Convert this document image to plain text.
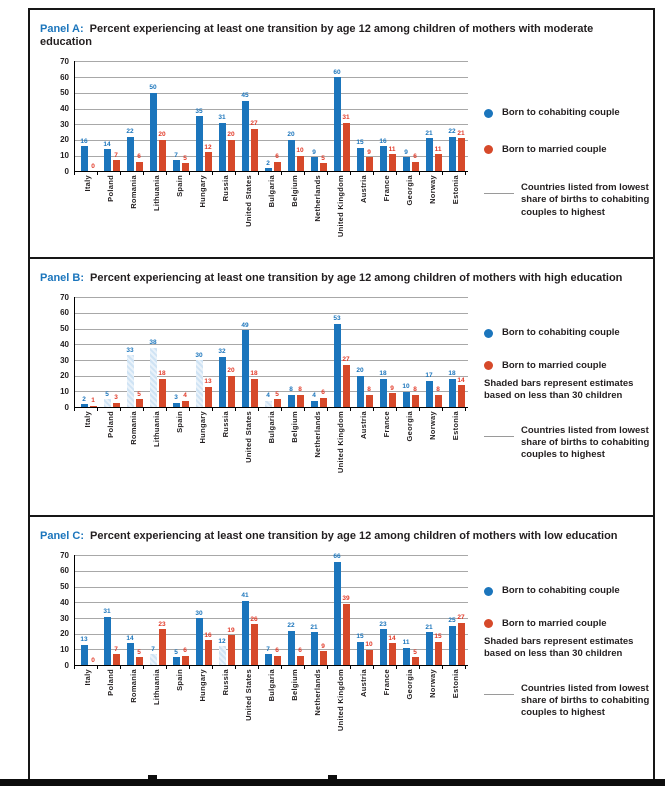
Panel A: Percent experiencing at least one transition by age 12 among children of mothers with moderate education
0
10
20
30
40
50
60
70
16
0
14
7
22
6
50
20
7 5
35
12
31
20
45
27
2
6
20
10 9
5
60
31
15
9
16
11 9
6
21
11
22 21
Italy Poland Romania Lithuania Spain Hungary Russia United States Bulgaria Belgium Netherlands United Kingdom Austria France Georgia Norway Estonia
Born to cohabiting couple
Born to married couple
Countries listed from lowest share of births to cohabiting couples to highest
Panel B: Percent experiencing at least one transition by age 12 among children of mothers with high education
0
10
20
30
40
50
60
70
2 1
5 3
33
5
38
18
3 4
30
13
32
20
49
18
4 5
8 8
4 6
53
27
20
8
18
9 10 8
17
8
18
14
Italy Poland Romania Lithuania Spain Hungary Russia United States Bulgaria Belgium Netherlands United Kingdom Austria France Georgia Norway Estonia
Born to cohabiting couple
Born to married couple
Shaded bars represent estimates based on less than 30 children
Countries listed from lowest share of births to cohabiting couples to highest
Panel C: Percent experiencing at least one transition by age 12 among children of mothers with low education
0
10
20
30
40
50
60
70
13
0
31
7
14
5 7
23
5 6
30
16
12
19
41
26
7 6
22
6
21
9
66
39
15
10
23
14
11
5
21
15
25 27
Italy Poland Romania Lithuania Spain Hungary Russia United States Bulgaria Belgium Netherlands United Kingdom Austria France Georgia Norway Estonia
Born to cohabiting couple
Born to married couple
Shaded bars represent estimates based on less than 30 children
Countries listed from lowest share of births to cohabiting couples to highest
